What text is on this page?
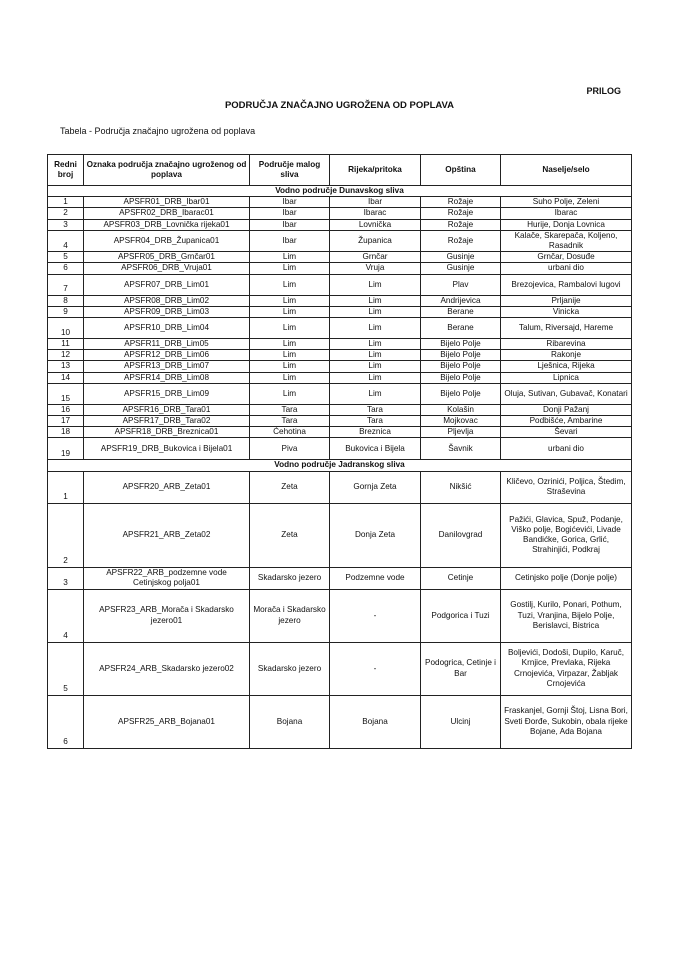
PRILOG
PODRUČJA ZNAČAJNO UGROŽENA OD POPLAVA
Tabela - Područja značajno ugrožena od poplava
Redni broj	Oznaka područja značajno ugroženog od poplava	Područje malog sliva	Rijeka/pritoka	Opština	Naselje/selo
Vodno područje Dunavskog sliva					
1	APSFR01_DRB_Ibar01	Ibar	Ibar	Rožaje	Suho Polje, Zeleni
2	APSFR02_DRB_Ibarac01	Ibar	Ibarac	Rožaje	Ibarac
3	APSFR03_DRB_Lovnička rijeka01	Ibar	Lovnička	Rožaje	Hurije, Donja Lovnica
4	APSFR04_DRB_Županica01	Ibar	Županica	Rožaje	Kalače, Skarepača, Koljeno, Rasadnik
5	APSFR05_DRB_Grnčar01	Lim	Grnčar	Gusinje	Grnčar, Dosuđe
6	APSFR06_DRB_Vruja01	Lim	Vruja	Gusinje	urbani dio
7	APSFR07_DRB_Lim01	Lim	Lim	Plav	Brezojevica, Rambalovi lugovi
8	APSFR08_DRB_Lim02	Lim	Lim	Andrijevica	Prljanije
9	APSFR09_DRB_Lim03	Lim	Lim	Berane	Vinicka
10	APSFR10_DRB_Lim04	Lim	Lim	Berane	Talum, Riversajd, Hareme
11	APSFR11_DRB_Lim05	Lim	Lim	Bijelo Polje	Ribarevina
12	APSFR12_DRB_Lim06	Lim	Lim	Bijelo Polje	Rakonje
13	APSFR13_DRB_Lim07	Lim	Lim	Bijelo Polje	Lješnica, Rijeka
14	APSFR14_DRB_Lim08	Lim	Lim	Bijelo Polje	Lipnica
15	APSFR15_DRB_Lim09	Lim	Lim	Bijelo Polje	Oluja, Sutivan, Gubavač, Konatari
16	APSFR16_DRB_Tara01	Tara	Tara	Kolašin	Donji Pažanj
17	APSFR17_DRB_Tara02	Tara	Tara	Mojkovac	Podbišće, Ambarine
18	APSFR18_DRB_Breznica01	Ćehotina	Breznica	Pljevlja	Ševari
19	APSFR19_DRB_Bukovica i Bijela01	Piva	Bukovica i Bijela	Šavnik	urbani dio
Vodno područje Jadranskog sliva					
1	APSFR20_ARB_Zeta01	Zeta	Gornja Zeta	Nikšić	Kličevo, Ozrinići, Poljica, Štedim, Straševina
2	APSFR21_ARB_Zeta02	Zeta	Donja Zeta	Danilovgrad	Pažići, Glavica, Spuž, Podanje, Viško polje, Bogićevići, Livade Bandićke, Gorica, Grlić, Strahinjići, Podkraj
3	APSFR22_ARB_podzemne vode Cetinjskog polja01	Skadarsko jezero	Podzemne vode	Cetinje	Cetinjsko polje (Donje polje)
4	APSFR23_ARB_Morača i Skadarsko jezero01	Morača i Skadarsko jezero	-	Podgorica i Tuzi	Gostilj, Kurilo, Ponari, Pothum, Tuzi, Vranjina, Bijelo Polje, Berislavci, Bistrica
5	APSFR24_ARB_Skadarsko jezero02	Skadarsko jezero	-	Podogrica, Cetinje i Bar	Boljevići, Dodoši, Dupilo, Karuč, Krnjice, Prevlaka, Rijeka Crnojevića, Virpazar, Žabljak Crnojevića
6	APSFR25_ARB_Bojana01	Bojana	Bojana	Ulcinj	Fraskanjel, Gornji Štoj, Lisna Bori, Sveti Đorđe, Sukobin, obala rijeke Bojane, Ada Bojana
